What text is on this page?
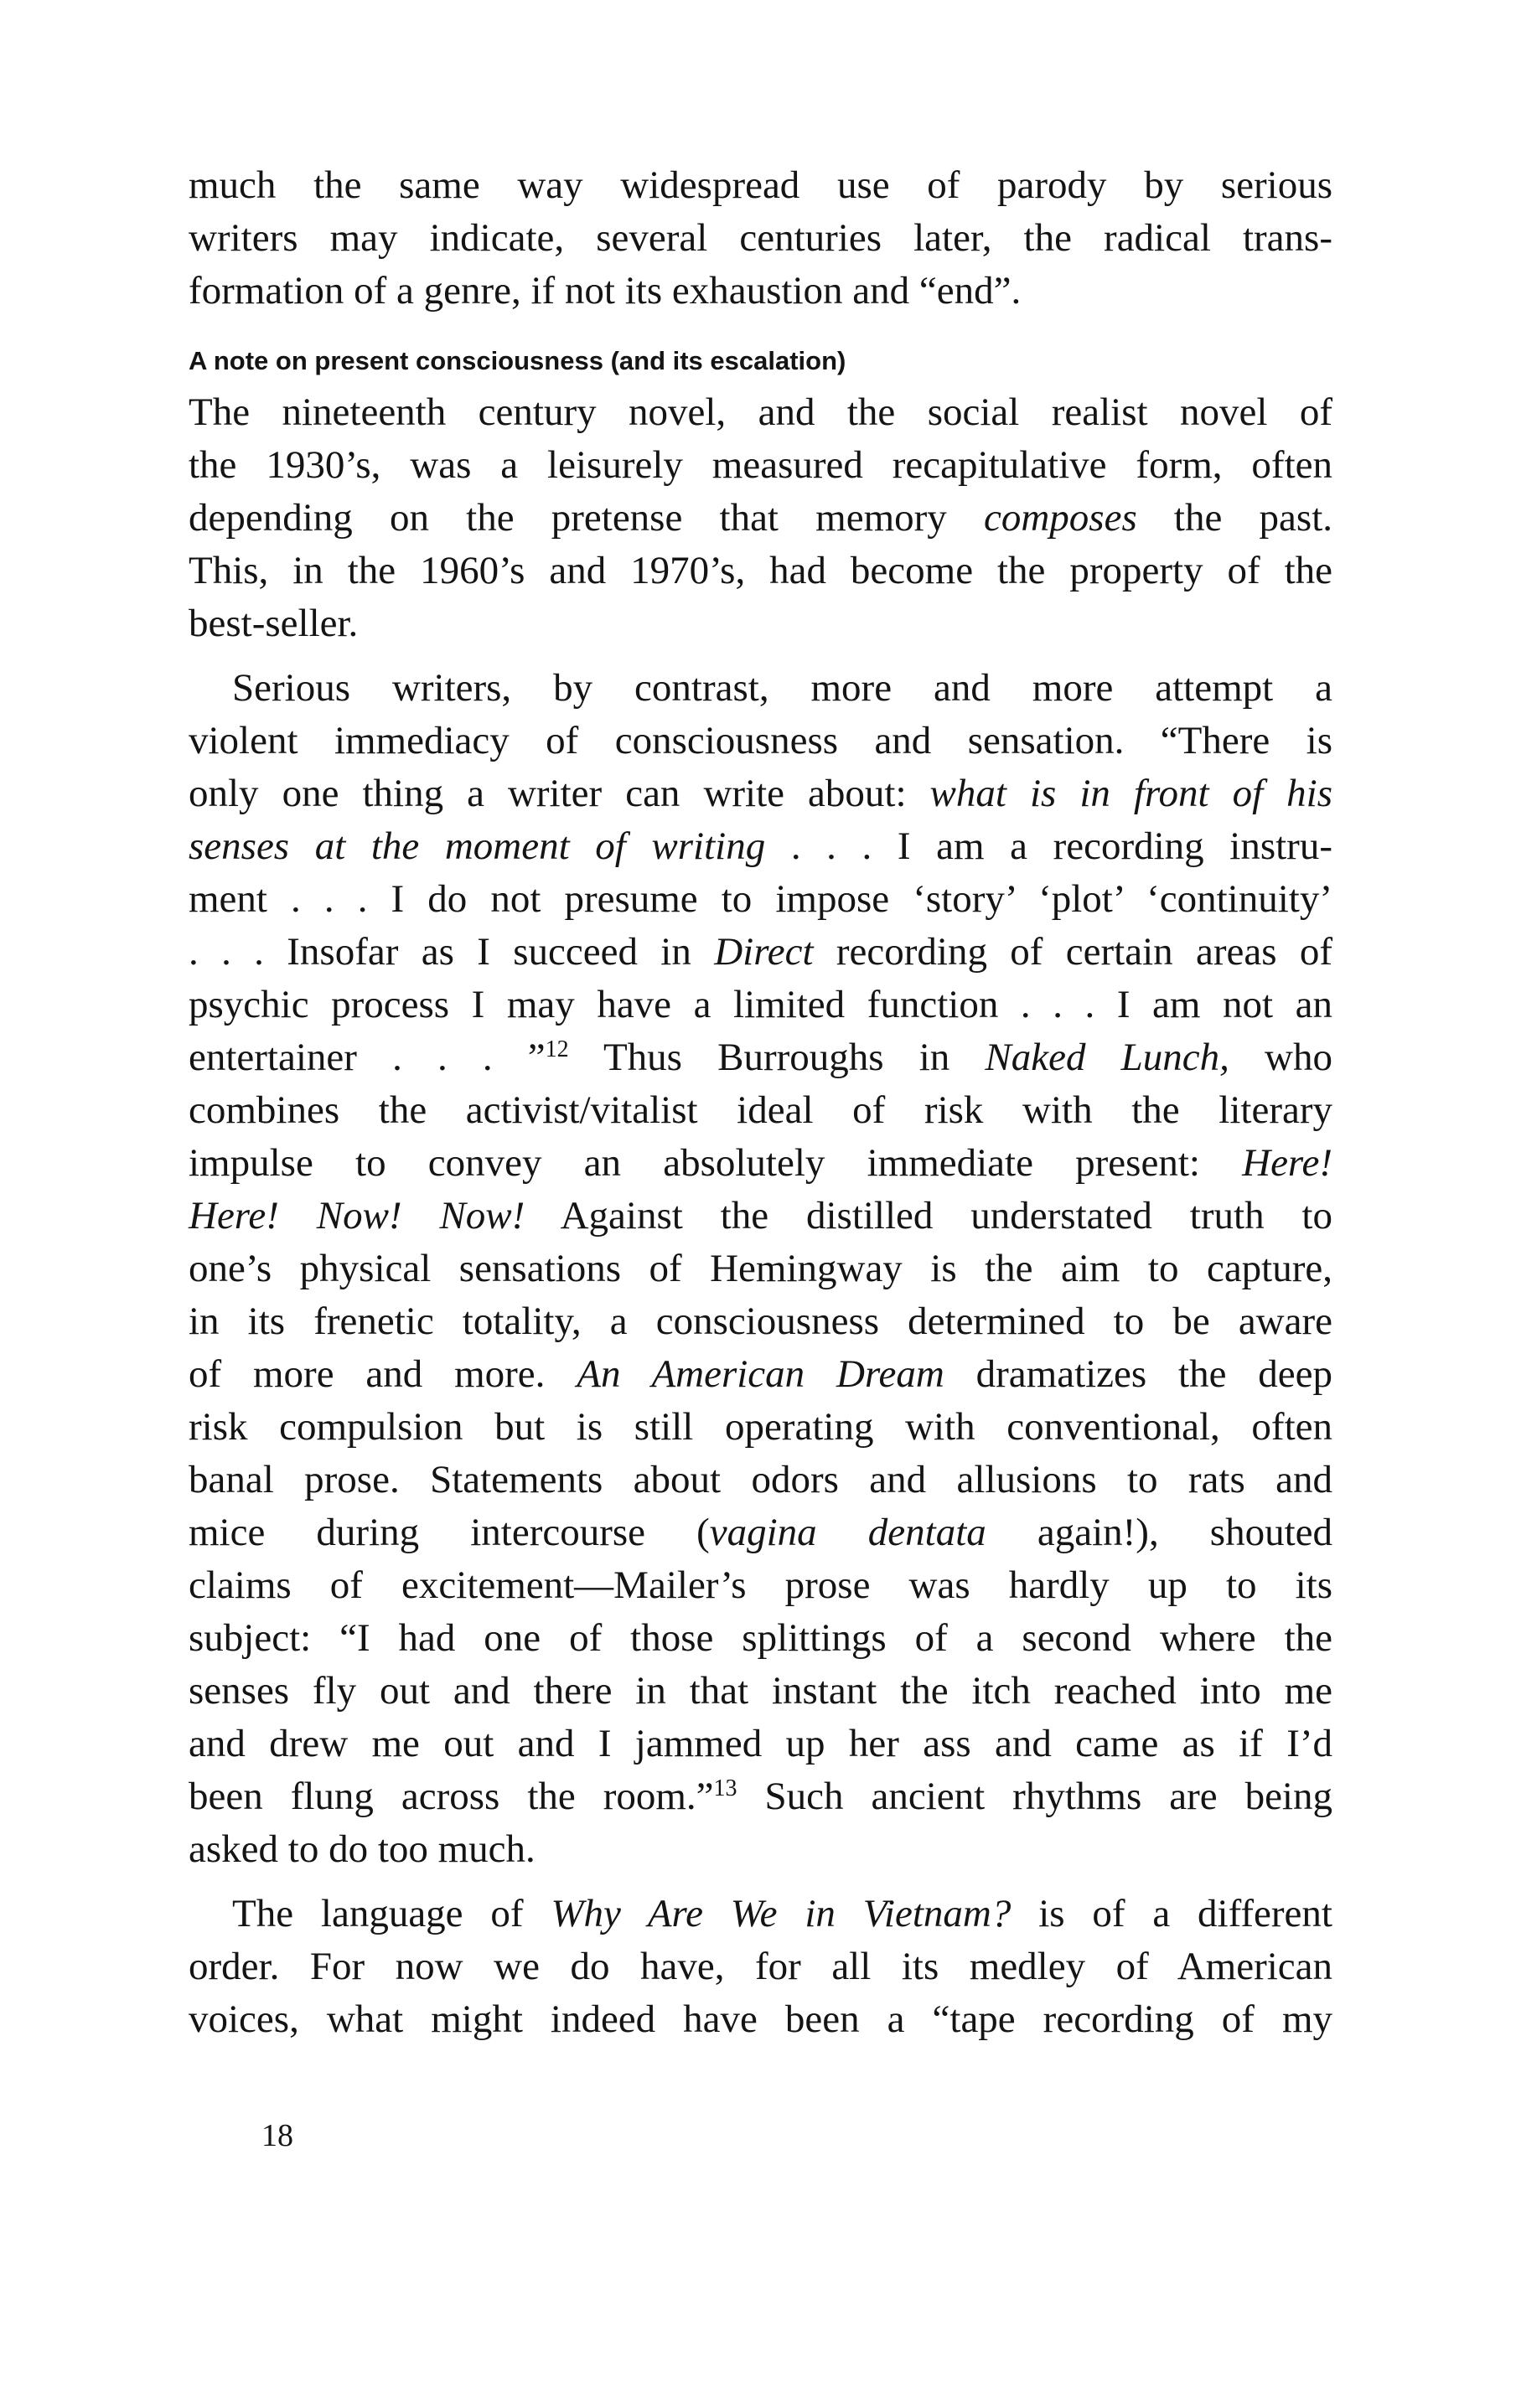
much the same way widespread use of parody by serious
writers may indicate, several centuries later, the radical trans-
formation of a genre, if not its exhaustion and “end”.
A note on present consciousness (and its escalation)
The nineteenth century novel, and the social realist novel of
the 1930’s, was a leisurely measured recapitulative form, often
depending on the pretense that memory composes the past.
This, in the 1960’s and 1970’s, had become the property of the
best-seller.
Serious writers, by contrast, more and more attempt a
violent immediacy of consciousness and sensation. “There is
only one thing a writer can write about: what is in front of his
senses at the moment of writing . . . I am a recording instru-
ment . . . I do not presume to impose ‘story’ ‘plot’ ‘continuity’
. . . Insofar as I succeed in Direct recording of certain areas of
psychic process I may have a limited function . . . I am not an
entertainer . . . ”$^{12}$ Thus Burroughs in Naked Lunch, who
combines the activist/vitalist ideal of risk with the literary
impulse to convey an absolutely immediate present: Here!
Here! Now! Now! Against the distilled understated truth to
one’s physical sensations of Hemingway is the aim to capture,
in its frenetic totality, a consciousness determined to be aware
of more and more. An American Dream dramatizes the deep
risk compulsion but is still operating with conventional, often
banal prose. Statements about odors and allusions to rats and
mice during intercourse (vagina dentata again!), shouted
claims of excitement—Mailer’s prose was hardly up to its
subject: “I had one of those splittings of a second where the
senses fly out and there in that instant the itch reached into me
and drew me out and I jammed up her ass and came as if I’d
been flung across the room.”$^{13}$ Such ancient rhythms are being
asked to do too much.
The language of Why Are We in Vietnam? is of a different
order. For now we do have, for all its medley of American
voices, what might indeed have been a “tape recording of my
18
